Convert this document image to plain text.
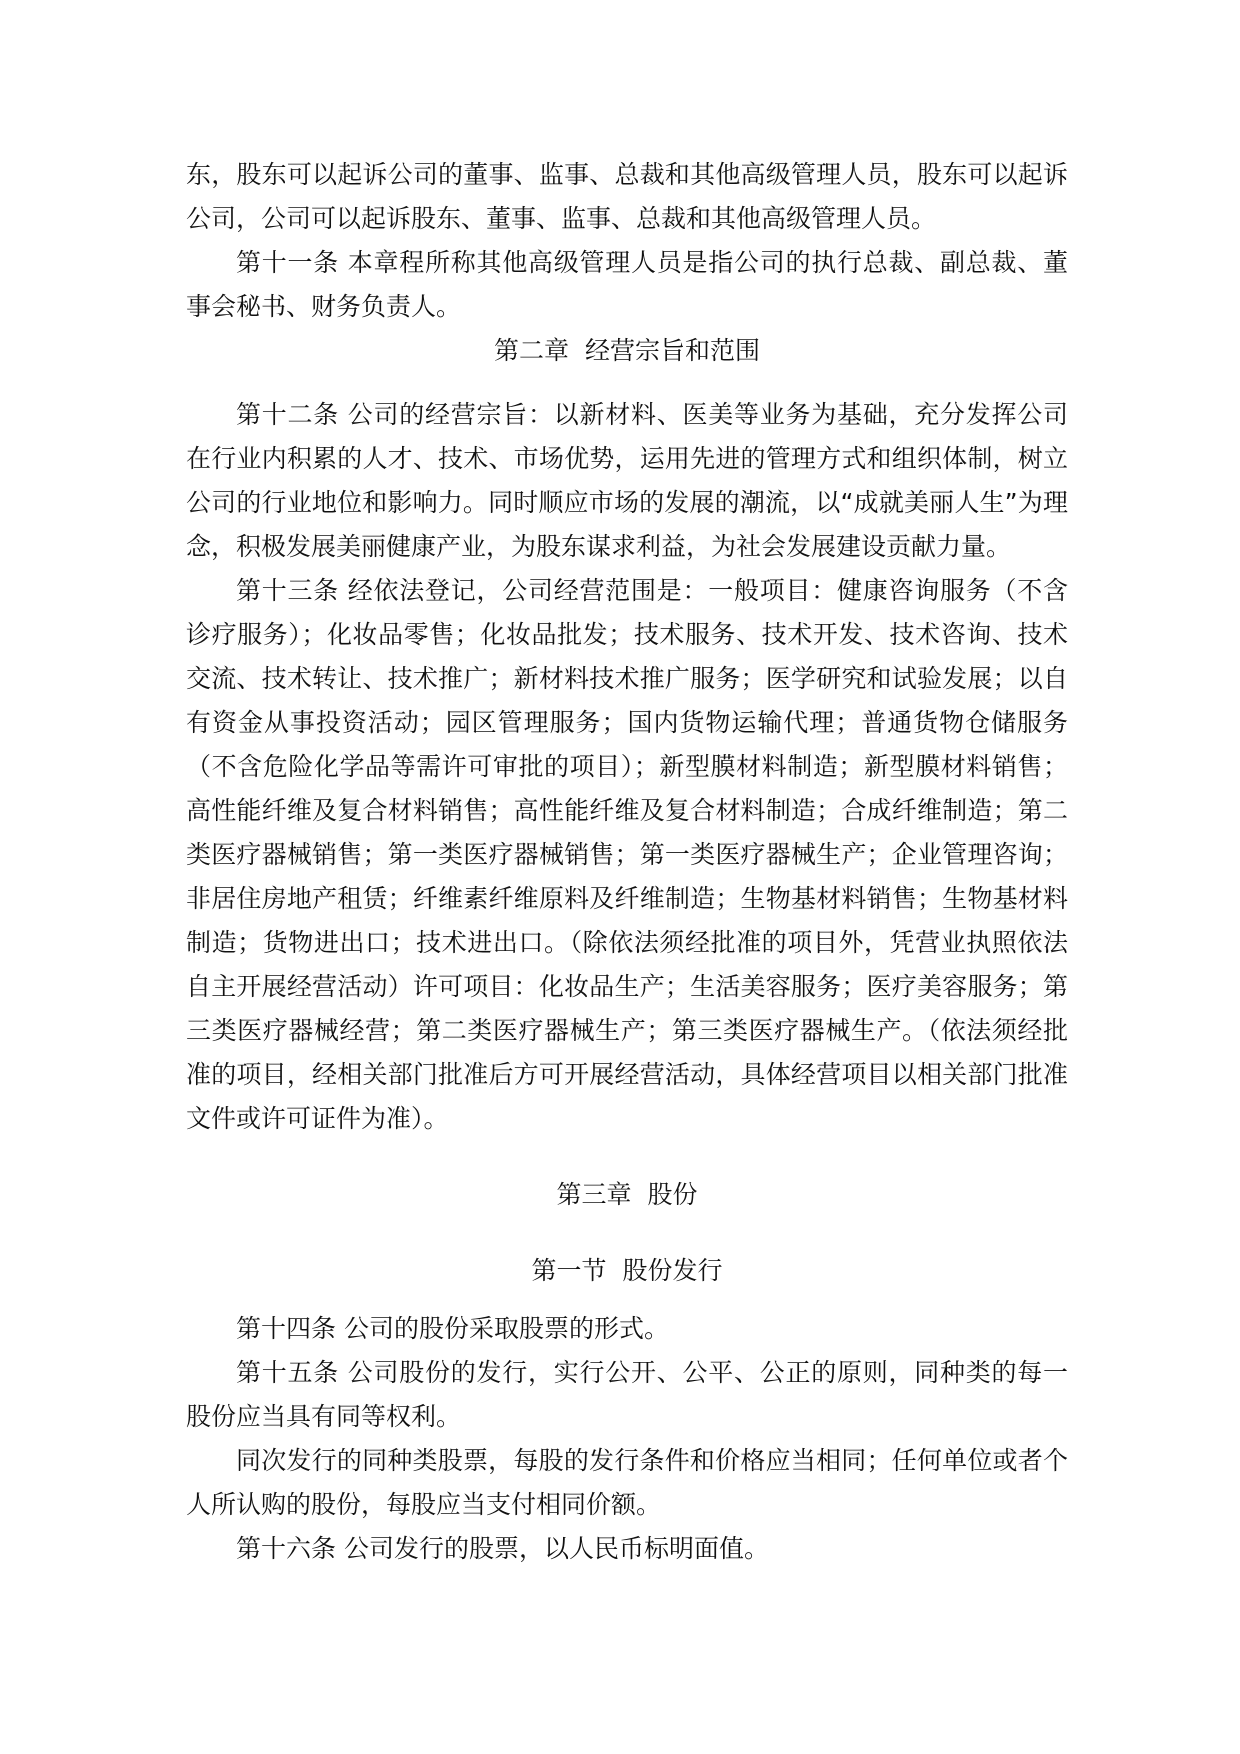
东，股东可以起诉公司的董事、监事、总裁和其他高级管理人员，股东可以起诉公司，公司可以起诉股东、董事、监事、总裁和其他高级管理人员。

第十一条 本章程所称其他高级管理人员是指公司的执行总裁、副总裁、董事会秘书、财务负责人。

第二章  经营宗旨和范围

第十二条 公司的经营宗旨：以新材料、医美等业务为基础，充分发挥公司在行业内积累的人才、技术、市场优势，运用先进的管理方式和组织体制，树立公司的行业地位和影响力。同时顺应市场的发展的潮流，以“成就美丽人生”为理念，积极发展美丽健康产业，为股东谋求利益，为社会发展建设贡献力量。

第十三条 经依法登记，公司经营范围是：一般项目：健康咨询服务（不含诊疗服务）；化妆品零售；化妆品批发；技术服务、技术开发、技术咨询、技术交流、技术转让、技术推广；新材料技术推广服务；医学研究和试验发展；以自有资金从事投资活动；园区管理服务；国内货物运输代理；普通货物仓储服务（不含危险化学品等需许可审批的项目）；新型膜材料制造；新型膜材料销售；高性能纤维及复合材料销售；高性能纤维及复合材料制造；合成纤维制造；第二类医疗器械销售；第一类医疗器械销售；第一类医疗器械生产；企业管理咨询；非居住房地产租赁；纤维素纤维原料及纤维制造；生物基材料销售；生物基材料制造；货物进出口；技术进出口。（除依法须经批准的项目外，凭营业执照依法自主开展经营活动）许可项目：化妆品生产；生活美容服务；医疗美容服务；第三类医疗器械经营；第二类医疗器械生产；第三类医疗器械生产。（依法须经批准的项目，经相关部门批准后方可开展经营活动，具体经营项目以相关部门批准文件或许可证件为准）。

第三章  股份

第一节  股份发行

第十四条 公司的股份采取股票的形式。

第十五条 公司股份的发行，实行公开、公平、公正的原则，同种类的每一股份应当具有同等权利。

同次发行的同种类股票，每股的发行条件和价格应当相同；任何单位或者个人所认购的股份，每股应当支付相同价额。

第十六条 公司发行的股票，以人民币标明面值。
